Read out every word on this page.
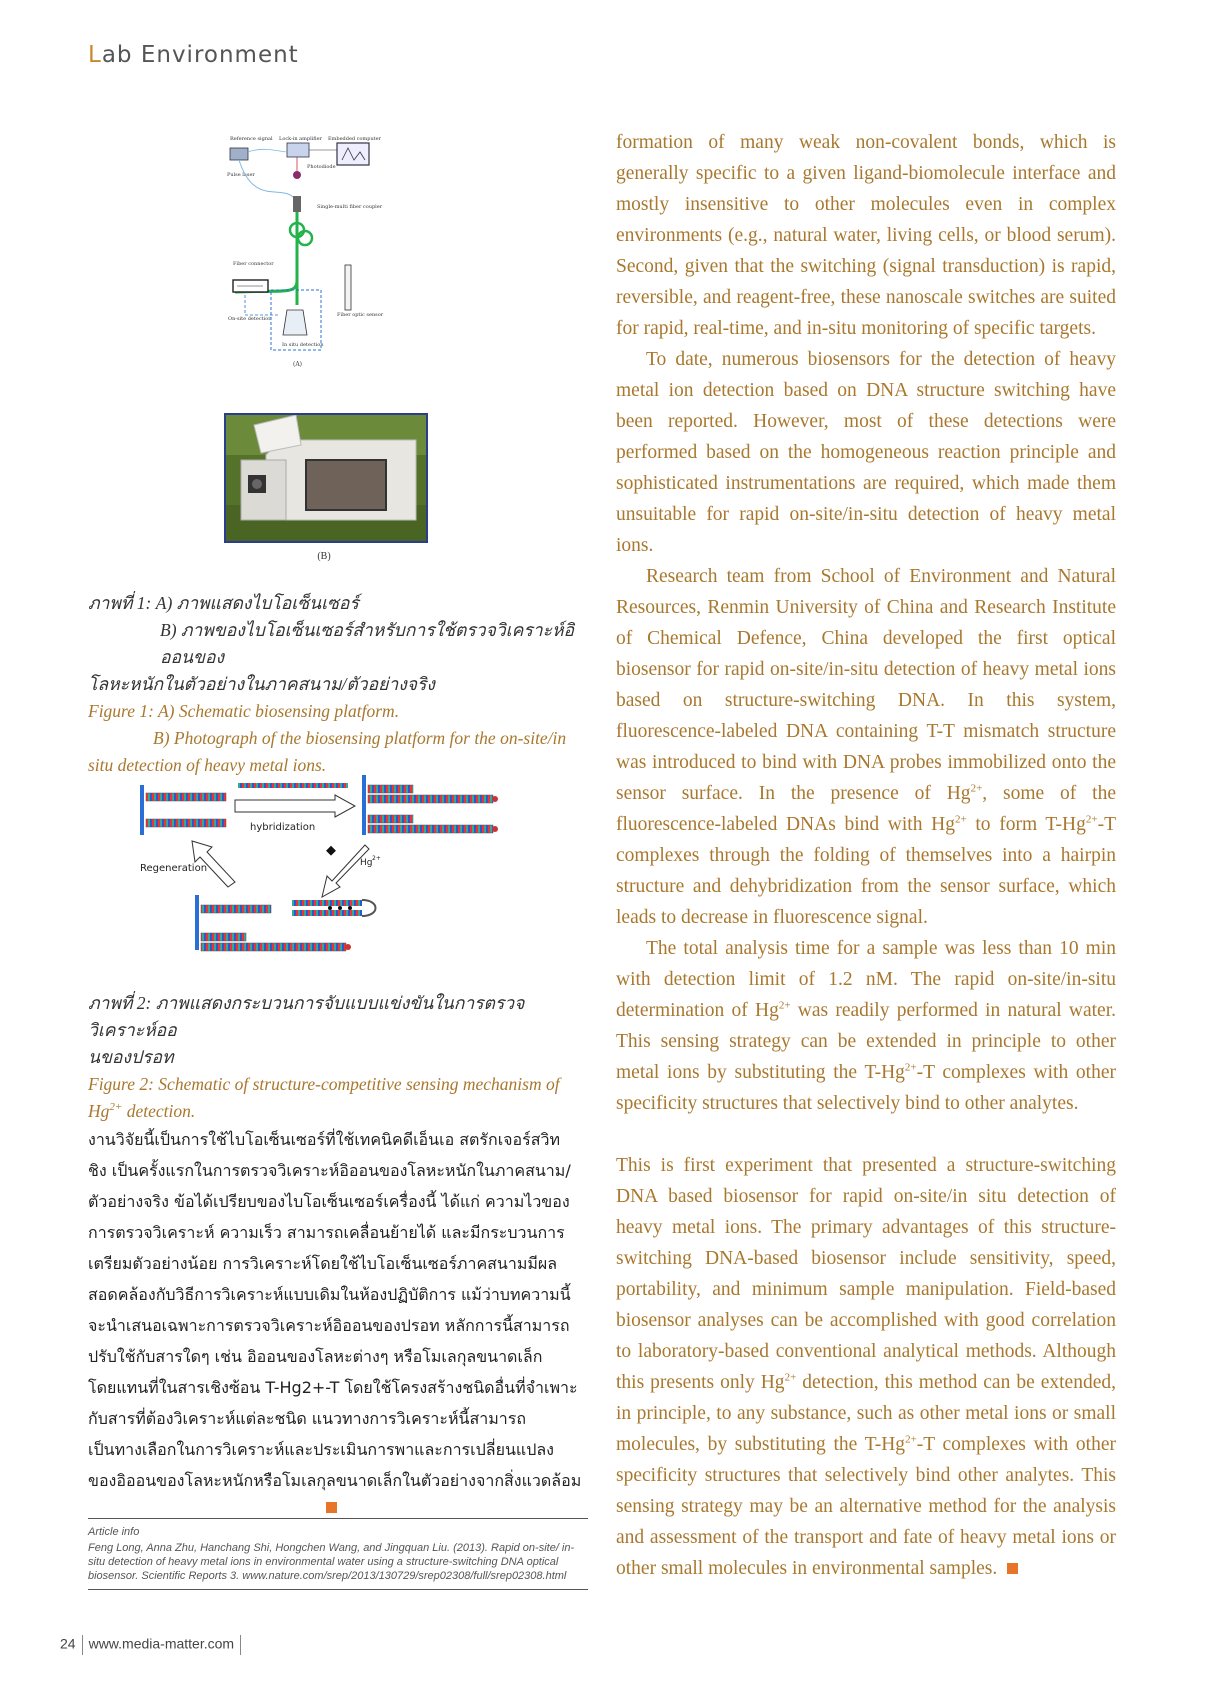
Lab Environment
Reference signal Lock-in amplifier Embedded computer
Pulse laser
Photodiode
Single-multi fiber coupler
Fiber connector
On-site detection
Fiber optic sensor
In situ detection
(A)
(B)
ภาพที่ 1: A) ภาพแสดงไบโอเซ็นเซอร์
B) ภาพของไบโอเซ็นเซอร์สำหรับการใช้ตรวจวิเคราะห์อิออนของ
โลหะหนักในตัวอย่างในภาคสนาม/ตัวอย่างจริง
Figure 1: A) Schematic biosensing platform.
B) Photograph of the biosensing platform for the on-site/in
situ detection of heavy metal ions.
hybridization
Hg 2+
Regeneration
ภาพที่ 2: ภาพแสดงกระบวนการจับแบบแข่งขันในการตรวจวิเคราะห์ออ
นของปรอท
Figure 2: Schematic of structure-competitive sensing mechanism of
$Hg^{2+}$ detection.

งานวิจัยนี้เป็นการใช้ไบโอเซ็นเซอร์ที่ใช้เทคนิคดีเอ็นเอ สตรักเจอร์สวิท

ชิง เป็นครั้งแรกในการตรวจวิเคราะห์อิออนของโลหะหนักในภาคสนาม/

ตัวอย่างจริง ข้อได้เปรียบของไบโอเซ็นเซอร์เครื่องนี้ ได้แก่ ความไวของ

การตรวจวิเคราะห์ ความเร็ว สามารถเคลื่อนย้ายได้ และมีกระบวนการ

เตรียมตัวอย่างน้อย การวิเคราะห์โดยใช้ไบโอเซ็นเซอร์ภาคสนามมีผล

สอดคล้องกับวิธีการวิเคราะห์แบบเดิมในห้องปฏิบัติการ แม้ว่าบทความนี้

จะนำเสนอเฉพาะการตรวจวิเคราะห์อิออนของปรอท หลักการนี้สามารถ

ปรับใช้กับสารใดๆ เช่น อิออนของโลหะต่างๆ หรือโมเลกุลขนาดเล็ก

โดยแทนที่ในสารเชิงซ้อน T-Hg2+-T โดยใช้โครงสร้างชนิดอื่นที่จำเพาะ

กับสารที่ต้องวิเคราะห์แต่ละชนิด แนวทางการวิเคราะห์นี้สามารถ

เป็นทางเลือกในการวิเคราะห์และประเมินการพาและการเปลี่ยนแปลง

ของอิออนของโลหะหนักหรือโมเลกุลขนาดเล็กในตัวอย่างจากสิ่งแวดล้อม

Article info
Feng Long, Anna Zhu, Hanchang Shi, Hongchen Wang, and Jingquan Liu. (2013). Rapid on-site/ in-situ detection of heavy metal ions in environmental water using a structure-switching DNA optical biosensor. Scientific Reports 3. www.nature.com/srep/2013/130729/srep02308/full/srep02308.html

formation of many weak non-covalent bonds, which is generally specific to a given ligand-biomolecule interface and mostly insensitive to other molecules even in complex environments (e.g., natural water, living cells, or blood serum). Second, given that the switching (signal transduction) is rapid, reversible, and reagent-free, these nanoscale switches are suited for rapid, real-time, and in-situ monitoring of specific targets.

To date, numerous biosensors for the detection of heavy metal ion detection based on DNA structure switching have been reported. However, most of these detections were performed based on the homogeneous reaction principle and sophisticated instrumentations are required, which made them unsuitable for rapid on-site/in-situ detection of heavy metal ions.

Research team from School of Environment and Natural Resources, Renmin University of China and Research Institute of Chemical Defence, China developed the first optical biosensor for rapid on-site/in-situ detection of heavy metal ions based on structure-switching DNA. In this system, fluorescence-labeled DNA containing T-T mismatch structure was introduced to bind with DNA probes immobilized onto the sensor surface. In the presence of $Hg^{2+}$, some of the fluorescence-labeled DNAs bind with $Hg^{2+}$ to form $T-Hg^{2+}-T$ complexes through the folding of themselves into a hairpin structure and dehybridization from the sensor surface, which leads to decrease in fluorescence signal.

The total analysis time for a sample was less than 10 min with detection limit of 1.2 nM. The rapid on-site/in-situ determination of $Hg^{2+}$ was readily performed in natural water. This sensing strategy can be extended in principle to other metal ions by substituting the $T-Hg^{2+}-T$ complexes with other specificity structures that selectively bind to other analytes.

This is first experiment that presented a structure-switching DNA based biosensor for rapid on-site/in situ detection of heavy metal ions. The primary advantages of this structure-switching DNA-based biosensor include sensitivity, speed, portability, and minimum sample manipulation. Field-based biosensor analyses can be accomplished with good correlation to laboratory-based conventional analytical methods. Although this presents only $Hg^{2+}$ detection, this method can be extended, in principle, to any substance, such as other metal ions or small molecules, by substituting the $T-Hg^{2+}-T$ complexes with other specificity structures that selectively bind other analytes. This sensing strategy may be an alternative method for the analysis and assessment of the transport and fate of heavy metal ions or other small molecules in environmental samples.

24 www.media-matter.com
